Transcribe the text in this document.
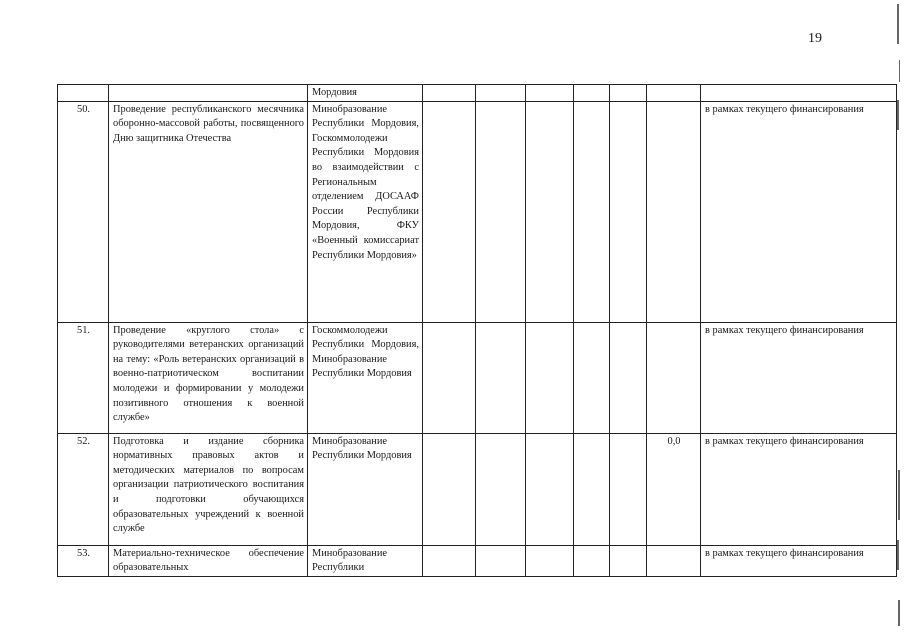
19
		Мордовия							
50.	Проведение республиканского месячника оборонно-массовой работы, посвященного Дню защитника Отечества	Минобразование Республики Мордовия, Госкоммолодежи Республики Мордовия во взаимодействии с Региональным отделением ДОСААФ России Республики Мордовия, ФКУ «Военный комиссариат Республики Мордовия»							в рамках текущего финансирования
51.	Проведение «круглого стола» с руководителями ветеранских организаций на тему: «Роль ветеранских организаций в военно-патриотическом воспитании молодежи и формировании у молодежи позитивного отношения к военной службе»	Госкоммолодежи Республики Мордовия, Минобразование Республики Мордовия							в рамках текущего финансирования
52.	Подготовка и издание сборника нормативных правовых актов и методических материалов по вопросам организации патриотического воспитания и подготовки обучающихся образовательных учреждений к военной службе	Минобразование Республики Мордовия						0,0	в рамках текущего финансирования
53.	Материально-техническое обеспечение образовательных	Минобразование Республики							в рамках текущего финансирования
